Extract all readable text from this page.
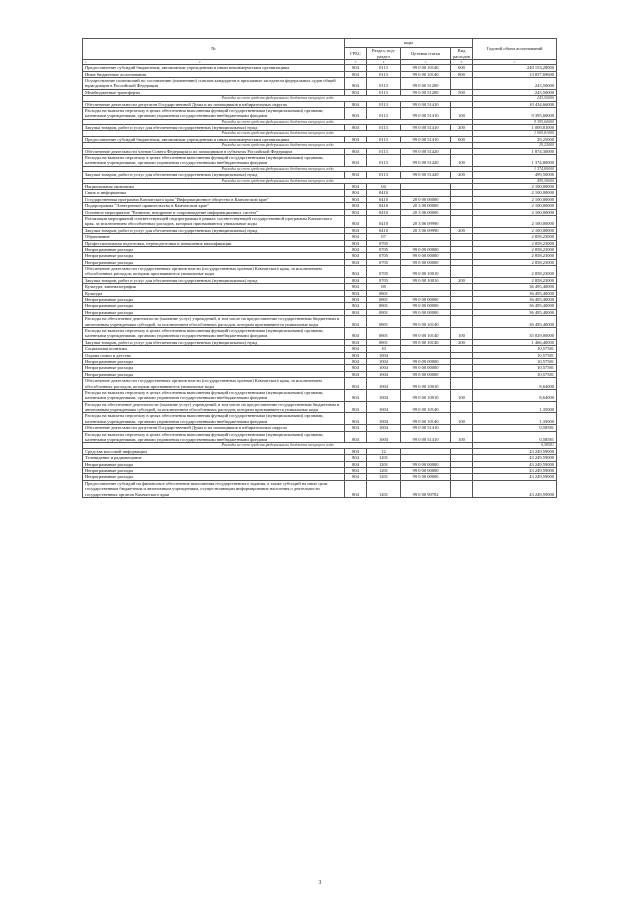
№	коды				Годовой объем ассигнований
	ГРБС	Раздел, под-раздел	Целевая статья	Вид расходов	
1 2	3	4	5	6	7
Предоставление субсидий бюджетным, автономным учреждениям и иным некоммерческим организациям	804	0113	99 0 00 10140	600	240 153,28000
Иные бюджетные ассигнования	804	0113	99 0 00 10140	800	13 057,69600
Осуществление полномочий по составлению (изменению) списков кандидатов в присяжные заседатели федеральных судов общей юрисдикции в Российской Федерации	804	0113	99 0 00 51200		243,50000
Межбюджетные трансферты	804	0113	99 0 00 51200	500	243,50000
Расходы за счет средств федерального бюджета текущего года					243,50000
Обеспечение деятельности депутатов Государственной Думы и их помощников в избирательных округах	804	0113	99 0 00 51410		10 434,66000
Расходы на выплаты персоналу в целях обеспечения выполнения функций государственными (муниципальными) органами, казенными учреждениями, органами управления государственными внебюджетными фондами	804	0113	99 0 00 51410	100	9 395,60000
Расходы за счет средств федерального бюджета текущего года					9 395,60000
Закупка товаров, работ и услуг для обеспечения государственных (муниципальных) нужд	804	0113	99 0 00 51410	200	1 009,81000
Расходы за счет средств федерального бюджета текущего года					1 009,81000
Предоставление субсидий бюджетным, автономным учреждениям и иным некоммерческим организациям	804	0113	99 0 00 51410	600	29,25000
Расходы за счет средств федерального бюджета текущего года					29,25000
Обеспечение деятельности членов Совета Федерации и их помощников в субъектах Российской Федерации	804	0113	99 0 00 51420		1 874,30000
Расходы на выплаты персоналу в целях обеспечения выполнения функций государственными (муниципальными) органами, казенными учреждениями, органами управления государственными внебюджетными фондами	804	0113	99 0 00 51420	100	1 374,80000
Расходы за счет средств федерального бюджета текущего года					1 374,80000
Закупка товаров, работ и услуг для обеспечения государственных (муниципальных) нужд	804	0113	99 0 00 51420	200	499,50000
Расходы за счет средств федерального бюджета текущего года					499,50000
Национальная экономика	804	04			2 100,00000
Связь и информатика	804	0410			2 100,00000
Государственная программа Камчатского края "Информационное общество в Камчатском крае"	804	0410	20 0 00 00000		2 100,00000
Подпрограмма "Электронное правительство в Камчатском крае"	804	0410	20 3 00 00000		2 100,00000
Основное мероприятие "Развитие, внедрение и сопровождение информационных систем"	804	0410	20 3 06 00000		2 100,00000
Реализация мероприятий соответствующей подпрограммы в рамках соответствующей государственной программы Камчатского края, за исключением обособленных расходов, которым присваиваются уникальные коды	804	0410	20 3 06 09990		2 100,00000
Закупка товаров, работ и услуг для обеспечения государственных (муниципальных) нужд	804	0410	20 3 06 09990	200	2 100,00000
Образование	804	07			2 858,23000
Профессиональная подготовка, переподготовка и повышение квалификации	804	0705			2 858,23000
Непрограммные расходы	804	0705	99 0 00 00000		2 858,23000
Непрограммные расходы	804	0705	99 0 00 00000		2 858,23000
Непрограммные расходы	804	0705	99 0 00 00000		2 858,23000
Обеспечение деятельности государственных органов власти (государственных органов) Камчатского края, за исключением обособленных расходов, которым присваиваются уникальные коды	804	0705	99 0 00 10010		2 858,23000
Закупка товаров, работ и услуг для обеспечения государственных (муниципальных) нужд	804	0705	99 0 00 10010	200	2 858,23000
Культура, кинематография	804	08			36 495,40000
Культура	804	0801			36 495,40000
Непрограммные расходы	804	0801	99 0 00 00000		36 495,40000
Непрограммные расходы	804	0801	99 0 00 00000		36 495,40000
Непрограммные расходы	804	0801	99 0 00 00000		36 495,40000
Расходы на обеспечение деятельности (оказание услуг) учреждений, в том числе на предоставление государственным бюджетным и автономным учреждениям субсидий, за исключением обособленных расходов, которым присваиваются уникальные коды	804	0801	99 0 00 10140		36 495,40000
Расходы на выплаты персоналу в целях обеспечения выполнения функций государственными (муниципальными) органами, казенными учреждениями, органами управления государственными внебюджетными фондами	804	0801	99 0 00 10140	100	35 029,00000
Закупка товаров, работ и услуг для обеспечения государственных (муниципальных) нужд	804	0801	99 0 00 10140	200	1 466,40000
Социальная политика	804	10			10,57581
Охрана семьи и детства	804	1004			10,57581
Непрограммные расходы	804	1004	99 0 00 00000		10,57581
Непрограммные расходы	804	1004	99 0 00 00000		10,57581
Непрограммные расходы	804	1004	99 0 00 00000		10,57581
Обеспечение деятельности государственных органов власти (государственных органов) Камчатского края, за исключением обособленных расходов, которым присваиваются уникальные коды	804	1004	99 0 00 10010		8,64000
Расходы на выплаты персоналу в целях обеспечения выполнения функций государственными (муниципальными) органами, казенными учреждениями, органами управления государственными внебюджетными фондами	804	1004	99 0 00 10010	100	8,64000
Расходы на обеспечение деятельности (оказание услуг) учреждений, в том числе на предоставление государственным бюджетным и автономным учреждениям субсидий, за исключением обособленных расходов, которым присваиваются уникальные коды	804	1004	99 0 00 10140		1,35000
Расходы на выплаты персоналу в целях обеспечения выполнения функций государственными (муниципальными) органами, казенными учреждениями, органами управления государственными внебюджетными фондами	804	1004	99 0 00 10140	100	1,35000
Обеспечение деятельности депутатов Государственной Думы и их помощников в избирательных округах	804	1004	99 0 00 51410		0,58581
Расходы на выплаты персоналу в целях обеспечения выполнения функций государственными (муниципальными) органами, казенными учреждениями, органами управления государственными внебюджетными фондами	804	1004	99 0 00 51410	100	0,58581
Расходы за счет средств федерального бюджета текущего года					0,58581
Средства массовой информации	804	12			43 249,59000
Телевидение и радиовещание	804	1201			43 249,59000
Непрограммные расходы	804	1201	99 0 00 00000		43 249,59000
Непрограммные расходы	804	1201	99 0 00 00000		43 249,59000
Непрограммные расходы	804	1201	99 0 00 00000		43 249,59000
Предоставление субсидий на финансовое обеспечение выполнения государственного задания, а также субсидий на иные цели государственным бюджетным и автономным учреждениям, осуществляющим информирование населения о деятельности государственных органов Камчатского края	804	1201	99 0 00 90702		43 249,59000
3
